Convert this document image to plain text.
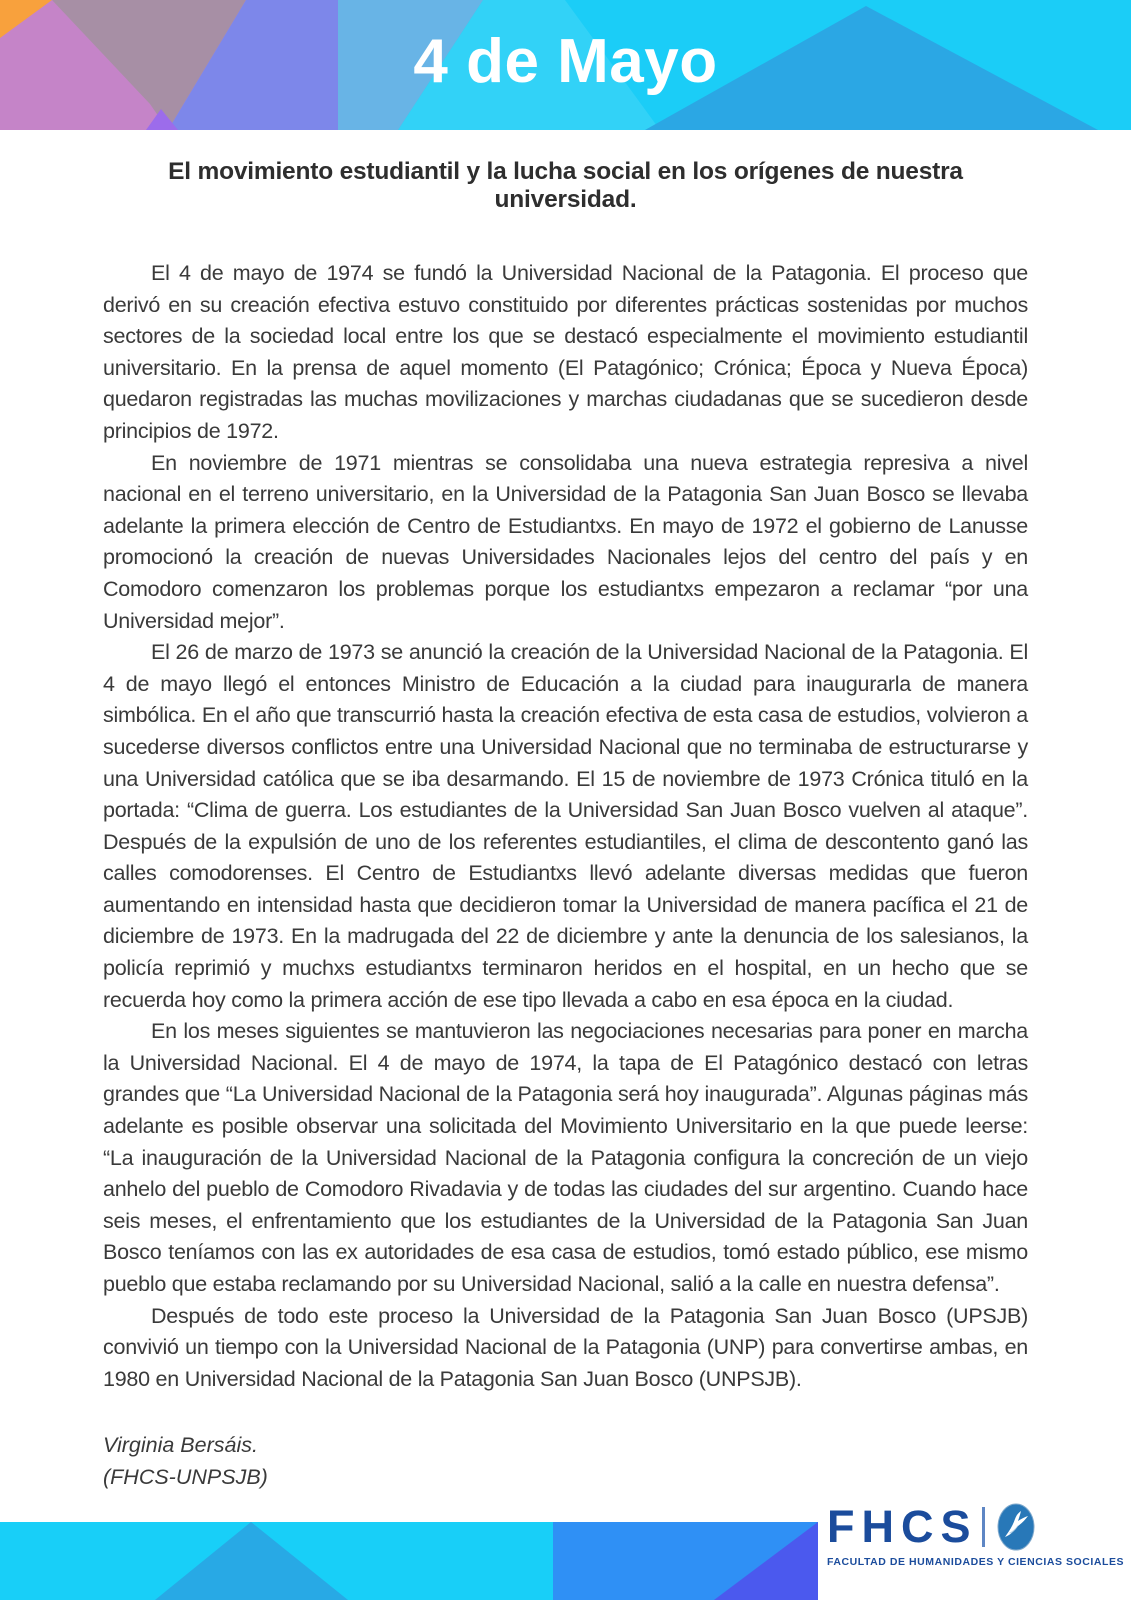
4 de Mayo
El movimiento estudiantil y la lucha social en los orígenes de nuestra universidad.

El 4 de mayo de 1974 se fundó la Universidad Nacional de la Patagonia. El proceso que derivó en su creación efectiva estuvo constituido por diferentes prácticas sostenidas por muchos sectores de la sociedad local entre los que se destacó especialmente el movimiento estudiantil universitario. En la prensa de aquel momento (El Patagónico; Crónica; Época y Nueva Época) quedaron registradas las muchas movilizaciones y marchas ciudadanas que se sucedieron desde principios de 1972.

En noviembre de 1971 mientras se consolidaba una nueva estrategia represiva a nivel nacional en el terreno universitario, en la Universidad de la Patagonia San Juan Bosco se llevaba adelante la primera elección de Centro de Estudiantxs. En mayo de 1972 el gobierno de Lanusse promocionó la creación de nuevas Universidades Nacionales lejos del centro del país y en Comodoro comenzaron los problemas porque los estudiantxs empezaron a reclamar “por una Universidad mejor”.

El 26 de marzo de 1973 se anunció la creación de la Universidad Nacional de la Patagonia. El 4 de mayo llegó el entonces Ministro de Educación a la ciudad para inaugurarla de manera simbólica. En el año que transcurrió hasta la creación efectiva de esta casa de estudios, volvieron a sucederse diversos conflictos entre una Universidad Nacional que no terminaba de estructurarse y una Universidad católica que se iba desarmando. El 15 de noviembre de 1973 Crónica tituló en la portada: “Clima de guerra. Los estudiantes de la Universidad San Juan Bosco vuelven al ataque”. Después de la expulsión de uno de los referentes estudiantiles, el clima de descontento ganó las calles comodorenses. El Centro de Estudiantxs llevó adelante diversas medidas que fueron aumentando en intensidad hasta que decidieron tomar la Universidad de manera pacífica el 21 de diciembre de 1973. En la madrugada del 22 de diciembre y ante la denuncia de los salesianos, la policía reprimió y muchxs estudiantxs terminaron heridos en el hospital, en un hecho que se recuerda hoy como la primera acción de ese tipo llevada a cabo en esa época en la ciudad.

En los meses siguientes se mantuvieron las negociaciones necesarias para poner en marcha la Universidad Nacional. El 4 de mayo de 1974, la tapa de El Patagónico destacó con letras grandes que “La Universidad Nacional de la Patagonia será hoy inaugurada”. Algunas páginas más adelante es posible observar una solicitada del Movimiento Universitario en la que puede leerse: “La inauguración de la Universidad Nacional de la Patagonia configura la concreción de un viejo anhelo del pueblo de Comodoro Rivadavia y de todas las ciudades del sur argentino. Cuando hace seis meses, el enfrentamiento que los estudiantes de la Universidad de la Patagonia San Juan Bosco teníamos con las ex autoridades de esa casa de estudios, tomó estado público, ese mismo pueblo que estaba reclamando por su Universidad Nacional, salió a la calle en nuestra defensa”.

Después de todo este proceso la Universidad de la Patagonia San Juan Bosco (UPSJB) convivió un tiempo con la Universidad Nacional de la Patagonia (UNP) para convertirse ambas, en 1980 en Universidad Nacional de la Patagonia San Juan Bosco (UNPSJB).

Virginia Bersáis.
(FHCS-UNPSJB)
FHCS
FACULTAD DE HUMANIDADES Y CIENCIAS SOCIALES
